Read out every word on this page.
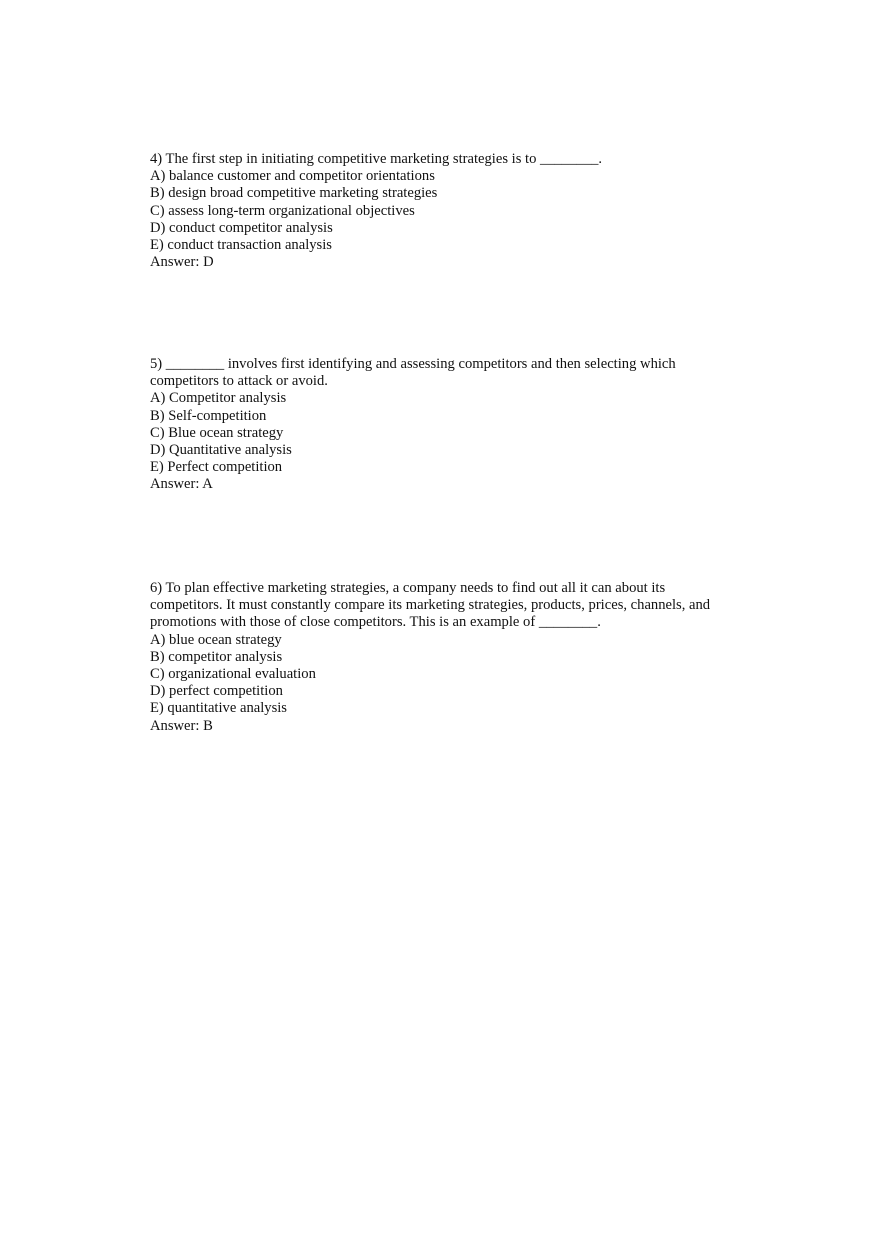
4) The first step in initiating competitive marketing strategies is to ________.

A) balance customer and competitor orientations

B) design broad competitive marketing strategies

C) assess long-term organizational objectives

D) conduct competitor analysis

E) conduct transaction analysis

Answer: D

5) ________ involves first identifying and assessing competitors and then selecting which
competitors to attack or avoid.

A) Competitor analysis

B) Self-competition

C) Blue ocean strategy

D) Quantitative analysis

E) Perfect competition

Answer: A

6) To plan effective marketing strategies, a company needs to find out all it can about its
competitors. It must constantly compare its marketing strategies, products, prices, channels, and
promotions with those of close competitors. This is an example of ________.

A) blue ocean strategy

B) competitor analysis

C) organizational evaluation

D) perfect competition

E) quantitative analysis

Answer: B
